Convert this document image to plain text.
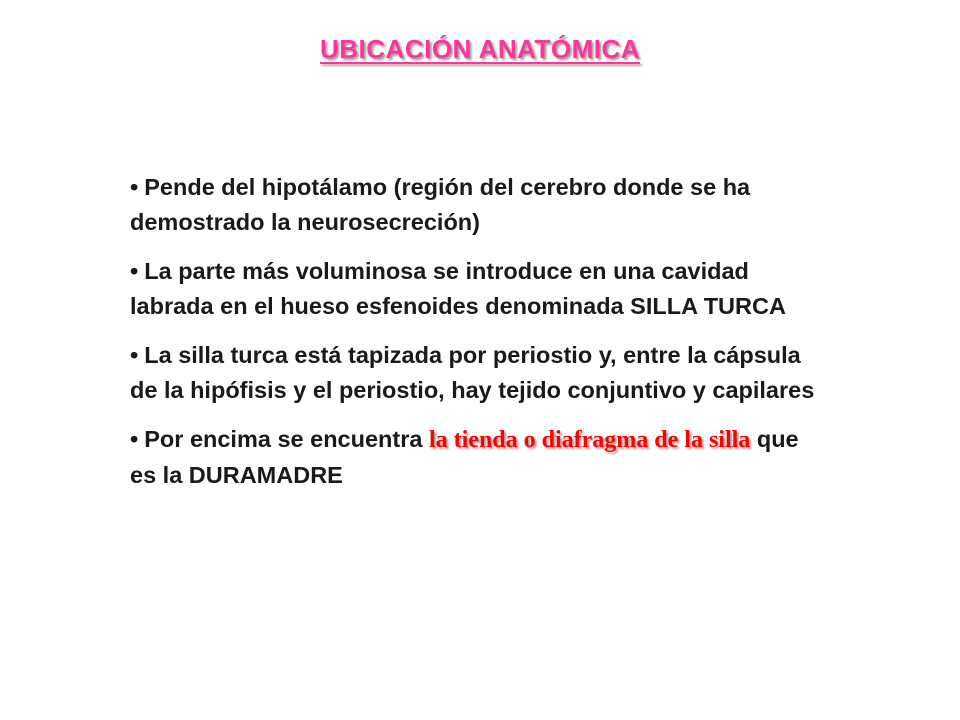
UBICACIÓN ANATÓMICA
• Pende del hipotálamo (región del cerebro donde se ha demostrado la neurosecreción)
• La parte más voluminosa se introduce en una cavidad labrada en el hueso esfenoides denominada SILLA TURCA
• La silla turca está tapizada por periostio y, entre la cápsula de la hipófisis y el periostio, hay tejido conjuntivo y capilares
• Por encima se encuentra la tienda o diafragma de la silla que es la DURAMADRE
